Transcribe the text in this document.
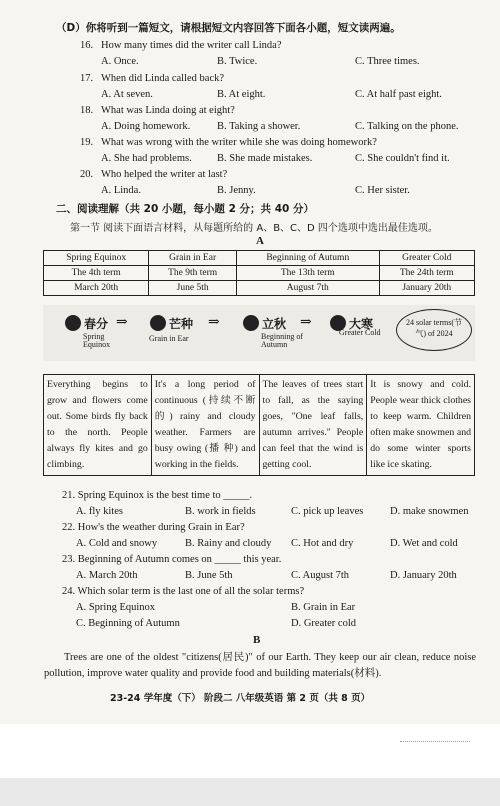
（D）你将听到一篇短文，请根据短文内容回答下面各小题，短文读两遍。
16. How many times did the writer call Linda?
A. Once.	B. Twice.	C. Three times.
17. When did Linda called back?
A. At seven.	B. At eight.	C. At half past eight.
18. What was Linda doing at eight?
A. Doing homework.	B. Taking a shower.	C. Talking on the phone.
19. What was wrong with the writer while she was doing homework?
A. She had problems. B. She made mistakes.	C. She couldn't find it.
20. Who helped the writer at last?
A. Linda.	B. Jenny.	C. Her sister.
二、阅读理解（共 20 小题，每小题 2 分；共 40 分）
第一节 阅读下面语言材料，从每题所给的 A、B、C、D 四个选项中选出最佳选项。
A
Spring Equinox	Grain in Ear	Beginning of Autumn	Greater Cold
The 4th term	The 9th term	The 13th term	The 24th term
March 20th	June 5th	August 7th	January 20th
春分
Spring Equinox
⇒	芒种
Grain in Ear
⇒	立秋
Beginning of Autumn
⇒	大寒
Greater Cold
24 solar terms(节气) of 2024
Everything begins to grow and flowers come out. Some birds fly back to the north. People always fly kites and go climbing.	It's a long period of continuous (持续不断的) rainy and cloudy weather. Farmers are busy owing (播 种) and working in the fields.	The leaves of trees start to fall, as the saying goes, "One leaf falls, autumn arrives." People can feel that the wind is getting cool.	It is snowy and cold. People wear thick clothes to keep warm. Children often make snowmen and do some winter sports like ice skating.
21. Spring Equinox is the best time to _____.
A. fly kites	B. work in fields	C. pick up leaves	D. make snowmen
22. How's the weather during Grain in Ear?
A. Cold and snowy	B. Rainy and cloudy C. Hot and dry	D. Wet and cold
23. Beginning of Autumn comes on _____ this year.
A. March 20th	B. June 5th	C. August 7th	D. January 20th
24. Which solar term is the last one of all the solar terms?
A. Spring Equinox	B. Grain in Ear
C. Beginning of Autumn	D. Greater cold
B
Trees are one of the oldest "citizens(居民)" of our Earth. They keep our air clean, reduce noise pollution, improve water quality and provide food and building materials(材料).
23-24 学年度（下） 阶段二 八年级英语 第 2 页（共 8 页）
